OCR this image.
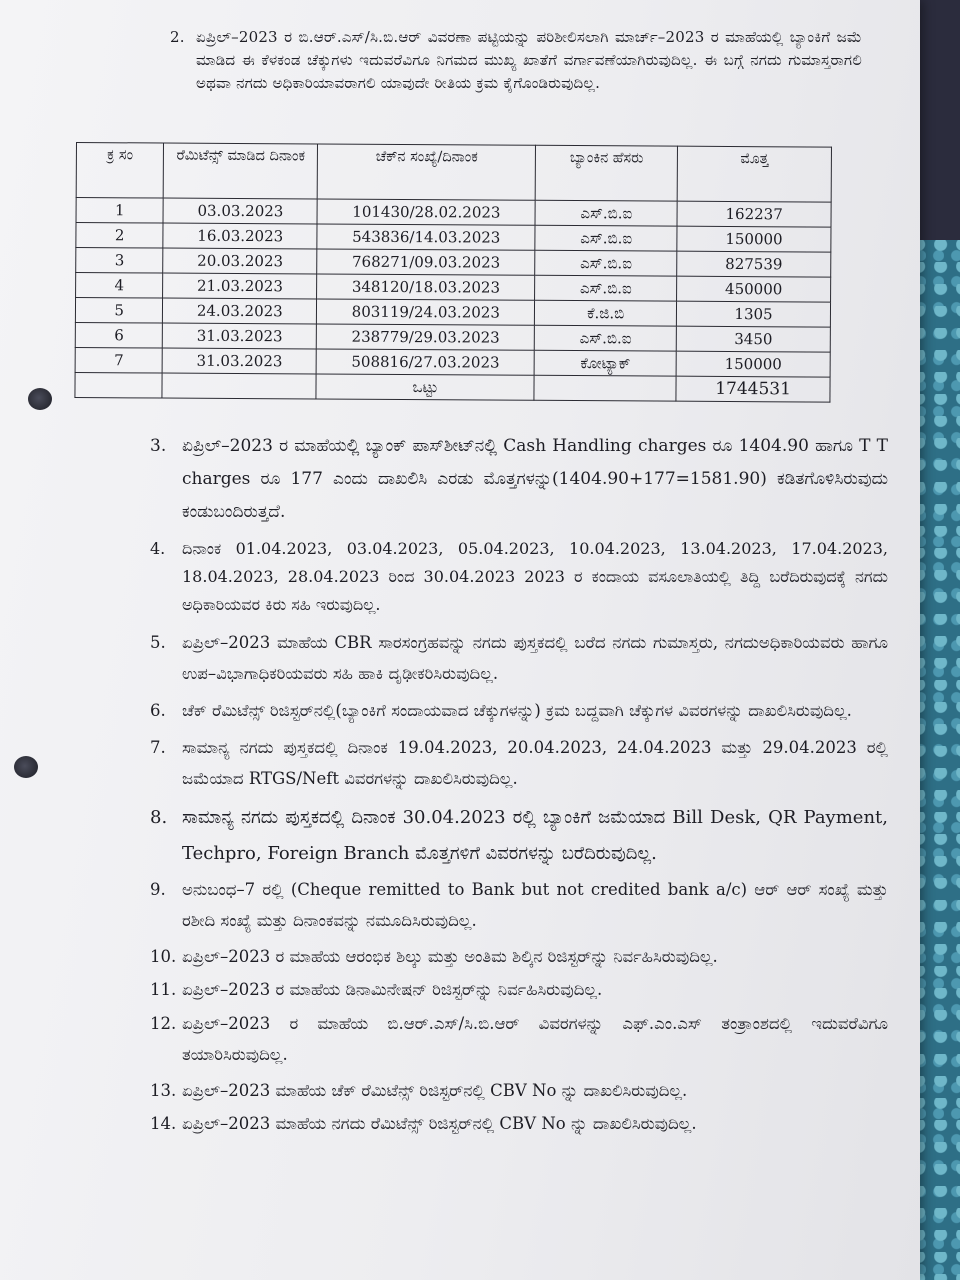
2. ಏಪ್ರಿಲ್–2023 ರ ಬಿ.ಆರ್.ಎಸ್/ಸಿ.ಬಿ.ಆರ್ ವಿವರಣಾ ಪಟ್ಟಿಯನ್ನು ಪರಿಶೀಲಿಸಲಾಗಿ ಮಾರ್ಚ್–2023 ರ ಮಾಹೆಯಲ್ಲಿ ಬ್ಯಾಂಕಿಗೆ ಜಮೆ ಮಾಡಿದ ಈ ಕೆಳಕಂಡ ಚೆಕ್ಕುಗಳು ಇದುವರೆವಿಗೂ ನಿಗಮದ ಮುಖ್ಯ ಖಾತೆಗೆ ವರ್ಗಾವಣೆಯಾಗಿರುವುದಿಲ್ಲ. ಈ ಬಗ್ಗೆ ನಗದು ಗುಮಾಸ್ತರಾಗಲಿ ಅಥವಾ ನಗದು ಅಧಿಕಾರಿಯಾವರಾಗಲಿ ಯಾವುದೇ ರೀತಿಯ ಕ್ರಮ ಕೈಗೊಂಡಿರುವುದಿಲ್ಲ.
ಕ್ರ ಸಂ	ರೆಮಿಟೆನ್ಸ್ ಮಾಡಿದ ದಿನಾಂಕ	ಚೆಕ್‌ನ ಸಂಖ್ಯೆ/ದಿನಾಂಕ	ಬ್ಯಾಂಕಿನ ಹೆಸರು	ಮೊತ್ತ
1	03.03.2023	101430/28.02.2023	ಎಸ್.ಬಿ.ಐ	162237
2	16.03.2023	543836/14.03.2023	ಎಸ್.ಬಿ.ಐ	150000
3	20.03.2023	768271/09.03.2023	ಎಸ್.ಬಿ.ಐ	827539
4	21.03.2023	348120/18.03.2023	ಎಸ್.ಬಿ.ಐ	450000
5	24.03.2023	803119/24.03.2023	ಕೆ.ಜಿ.ಬಿ	1305
6	31.03.2023	238779/29.03.2023	ಎಸ್.ಬಿ.ಐ	3450
7	31.03.2023	508816/27.03.2023	ಕೋಟ್ಯಾಕ್	150000
		ಒಟ್ಟು		1744531
3. ಏಪ್ರಿಲ್–2023 ರ ಮಾಹೆಯಲ್ಲಿ ಬ್ಯಾಂಕ್ ಪಾಸ್‌ಶೀಟ್‌ನಲ್ಲಿ Cash Handling charges ರೂ 1404.90 ಹಾಗೂ T T charges ರೂ 177 ಎಂದು ದಾಖಲಿಸಿ ಎರಡು ಮೊತ್ತಗಳನ್ನು(1404.90+177=1581.90) ಕಡಿತಗೊಳಿಸಿರುವುದು ಕಂಡುಬಂದಿರುತ್ತದೆ.
4. ದಿನಾಂಕ 01.04.2023, 03.04.2023, 05.04.2023, 10.04.2023, 13.04.2023, 17.04.2023, 18.04.2023, 28.04.2023 ರಿಂದ 30.04.2023 2023 ರ ಕಂದಾಯ ವಸೂಲಾತಿಯಲ್ಲಿ ತಿದ್ದಿ ಬರೆದಿರುವುದಕ್ಕೆ ನಗದು ಅಧಿಕಾರಿಯವರ ಕಿರು ಸಹಿ ಇರುವುದಿಲ್ಲ.
5. ಏಪ್ರಿಲ್–2023 ಮಾಹೆಯ CBR ಸಾರಸಂಗ್ರಹವನ್ನು ನಗದು ಪುಸ್ತಕದಲ್ಲಿ ಬರೆದ ನಗದು ಗುಮಾಸ್ತರು, ನಗದುಅಧಿಕಾರಿಯವರು ಹಾಗೂ ಉಪ–ವಿಭಾಗಾಧಿಕರಿಯವರು ಸಹಿ ಹಾಕಿ ದೃಢೀಕರಿಸಿರುವುದಿಲ್ಲ.
6. ಚೆಕ್ ರೆಮಿಟೆನ್ಸ್ ರಿಜಿಸ್ಟರ್‌ನಲ್ಲಿ(ಬ್ಯಾಂಕಿಗೆ ಸಂದಾಯವಾದ ಚೆಕ್ಕುಗಳನ್ನು) ಕ್ರಮ ಬದ್ದವಾಗಿ ಚೆಕ್ಕುಗಳ ವಿವರಗಳನ್ನು ದಾಖಲಿಸಿರುವುದಿಲ್ಲ.
7. ಸಾಮಾನ್ಯ ನಗದು ಪುಸ್ತಕದಲ್ಲಿ ದಿನಾಂಕ 19.04.2023, 20.04.2023, 24.04.2023 ಮತ್ತು 29.04.2023 ರಲ್ಲಿ ಜಮೆಯಾದ RTGS/Neft ವಿವರಗಳನ್ನು ದಾಖಲಿಸಿರುವುದಿಲ್ಲ.
8. ಸಾಮಾನ್ಯ ನಗದು ಪುಸ್ತಕದಲ್ಲಿ ದಿನಾಂಕ 30.04.2023 ರಲ್ಲಿ ಬ್ಯಾಂಕಿಗೆ ಜಮೆಯಾದ Bill Desk, QR Payment, Techpro, Foreign Branch ಮೊತ್ತಗಳಿಗೆ ವಿವರಗಳನ್ನು ಬರೆದಿರುವುದಿಲ್ಲ.
9. ಅನುಬಂಧ–7 ರಲ್ಲಿ (Cheque remitted to Bank but not credited bank a/c) ಆರ್ ಆರ್ ಸಂಖ್ಯೆ ಮತ್ತು ರಶೀದಿ ಸಂಖ್ಯೆ ಮತ್ತು ದಿನಾಂಕವನ್ನು ನಮೂದಿಸಿರುವುದಿಲ್ಲ.
10. ಏಪ್ರಿಲ್–2023 ರ ಮಾಹೆಯ ಆರಂಭಿಕ ಶಿಲ್ಕು ಮತ್ತು ಅಂತಿಮ ಶಿಲ್ಕಿನ ರಿಜಿಸ್ಟರ್‌ನ್ನು ನಿರ್ವಹಿಸಿರುವುದಿಲ್ಲ.
11. ಏಪ್ರಿಲ್–2023 ರ ಮಾಹೆಯ ಡಿನಾಮಿನೇಷನ್ ರಿಜಿಸ್ಟರ್‌ನ್ನು ನಿರ್ವಹಿಸಿರುವುದಿಲ್ಲ.
12. ಏಪ್ರಿಲ್–2023 ರ ಮಾಹೆಯ ಬಿ.ಆರ್.ಎಸ್/ಸಿ.ಬಿ.ಆರ್ ವಿವರಗಳನ್ನು ಎಫ್.ಎಂ.ಎಸ್ ತಂತ್ರಾಂಶದಲ್ಲಿ ಇದುವರೆವಿಗೂ ತಯಾರಿಸಿರುವುದಿಲ್ಲ.
13. ಏಪ್ರಿಲ್–2023 ಮಾಹೆಯ ಚೆಕ್ ರೆಮಿಟೆನ್ಸ್ ರಿಜಿಸ್ಟರ್‌ನಲ್ಲಿ CBV No ನ್ನು ದಾಖಲಿಸಿರುವುದಿಲ್ಲ.
14. ಏಪ್ರಿಲ್–2023 ಮಾಹೆಯ ನಗದು ರೆಮಿಟೆನ್ಸ್ ರಿಜಿಸ್ಟರ್‌ನಲ್ಲಿ CBV No ನ್ನು ದಾಖಲಿಸಿರುವುದಿಲ್ಲ.
